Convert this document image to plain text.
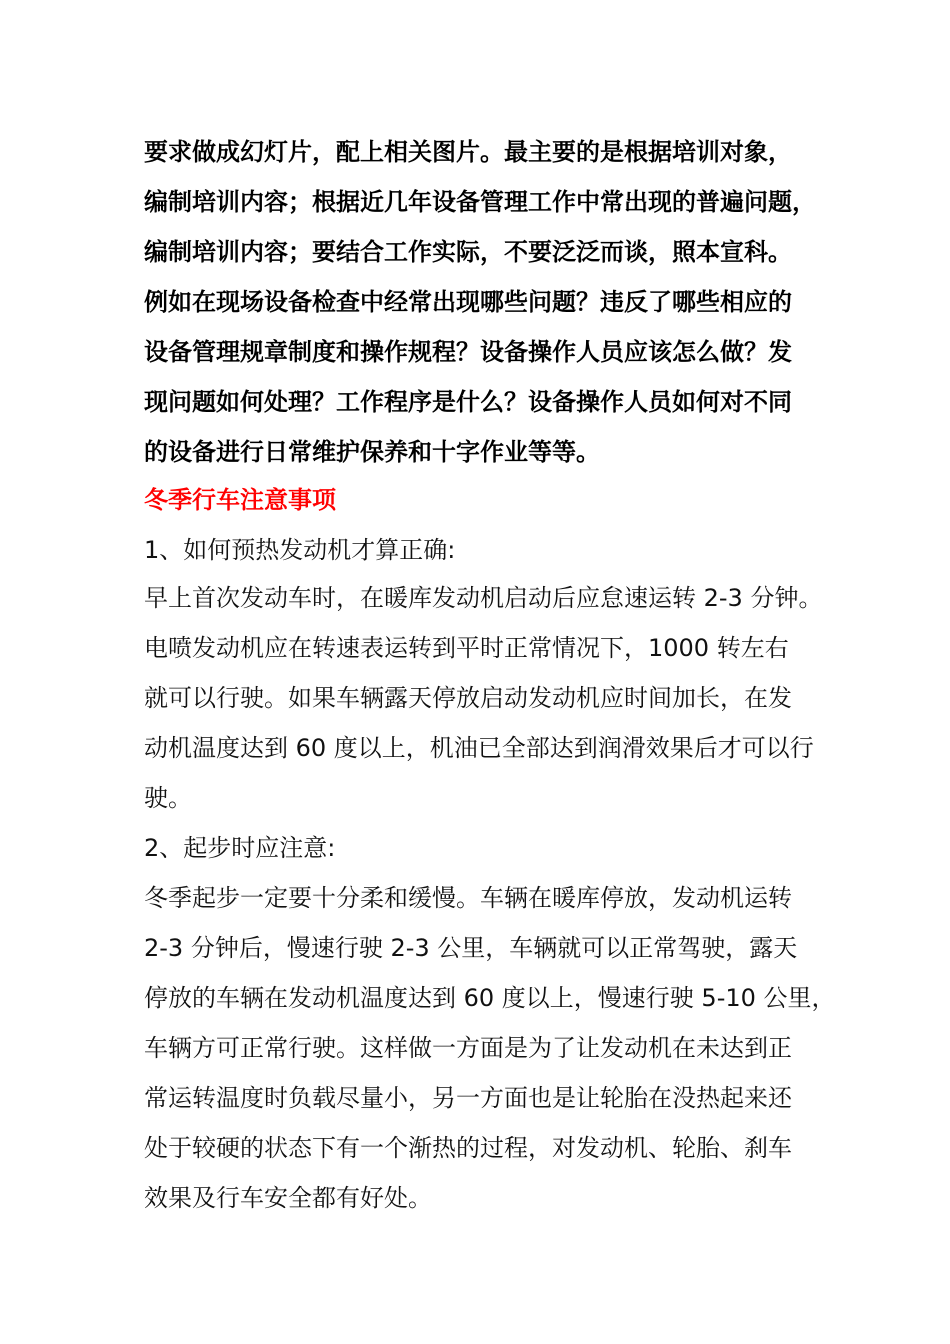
要求做成幻灯片，配上相关图片。最主要的是根据培训对象，
编制培训内容；根据近几年设备管理工作中常出现的普遍问题，
编制培训内容；要结合工作实际，不要泛泛而谈，照本宣科。
例如在现场设备检查中经常出现哪些问题？违反了哪些相应的
设备管理规章制度和操作规程？设备操作人员应该怎么做？发
现问题如何处理？工作程序是什么？设备操作人员如何对不同
的设备进行日常维护保养和十字作业等等。
冬季行车注意事项
1、如何预热发动机才算正确:
早上首次发动车时，在暖库发动机启动后应怠速运转 2-3 分钟。
电喷发动机应在转速表运转到平时正常情况下，1000 转左右
就可以行驶。如果车辆露天停放启动发动机应时间加长，在发
动机温度达到 60 度以上，机油已全部达到润滑效果后才可以行
驶。
2、起步时应注意:
冬季起步一定要十分柔和缓慢。车辆在暖库停放，发动机运转
2-3 分钟后，慢速行驶 2-3 公里，车辆就可以正常驾驶，露天
停放的车辆在发动机温度达到 60 度以上，慢速行驶 5-10 公里，
车辆方可正常行驶。这样做一方面是为了让发动机在未达到正
常运转温度时负载尽量小，另一方面也是让轮胎在没热起来还
处于较硬的状态下有一个渐热的过程，对发动机、轮胎、刹车
效果及行车安全都有好处。
